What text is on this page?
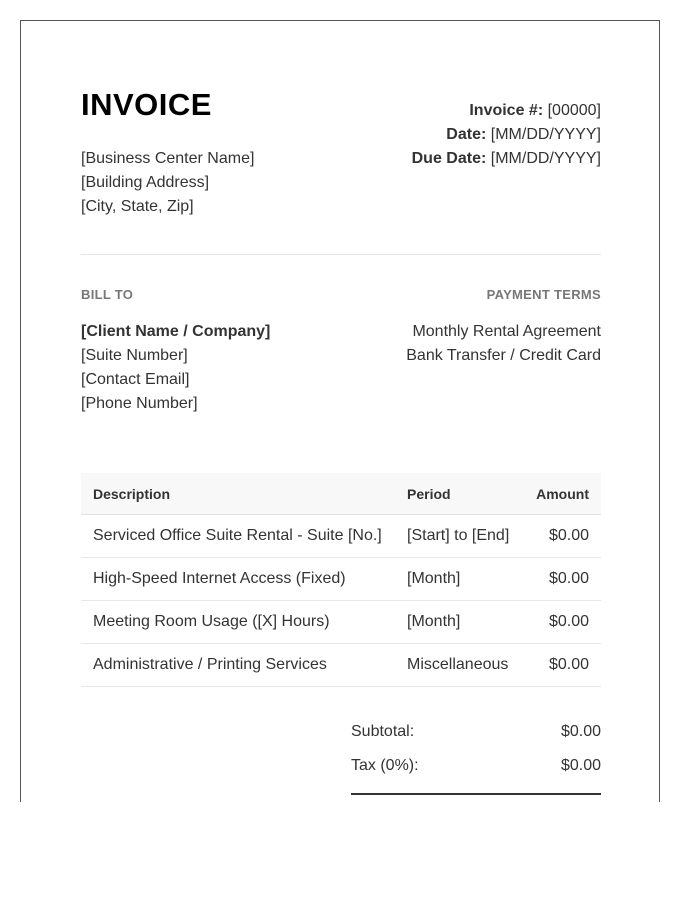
INVOICE
[Business Center Name]
[Building Address]
[City, State, Zip]
Invoice #: [00000]
Date: [MM/DD/YYYY]
Due Date: [MM/DD/YYYY]
BILL TO	PAYMENT TERMS
[Client Name / Company]
[Suite Number]
[Contact Email]
[Phone Number]
Monthly Rental Agreement
Bank Transfer / Credit Card
Description	Period	Amount
Serviced Office Suite Rental - Suite [No.]	[Start] to [End]	$0.00
High-Speed Internet Access (Fixed)	[Month]	$0.00
Meeting Room Usage ([X] Hours)	[Month]	$0.00
Administrative / Printing Services	Miscellaneous	$0.00
Subtotal:	$0.00
Tax (0%):	$0.00
